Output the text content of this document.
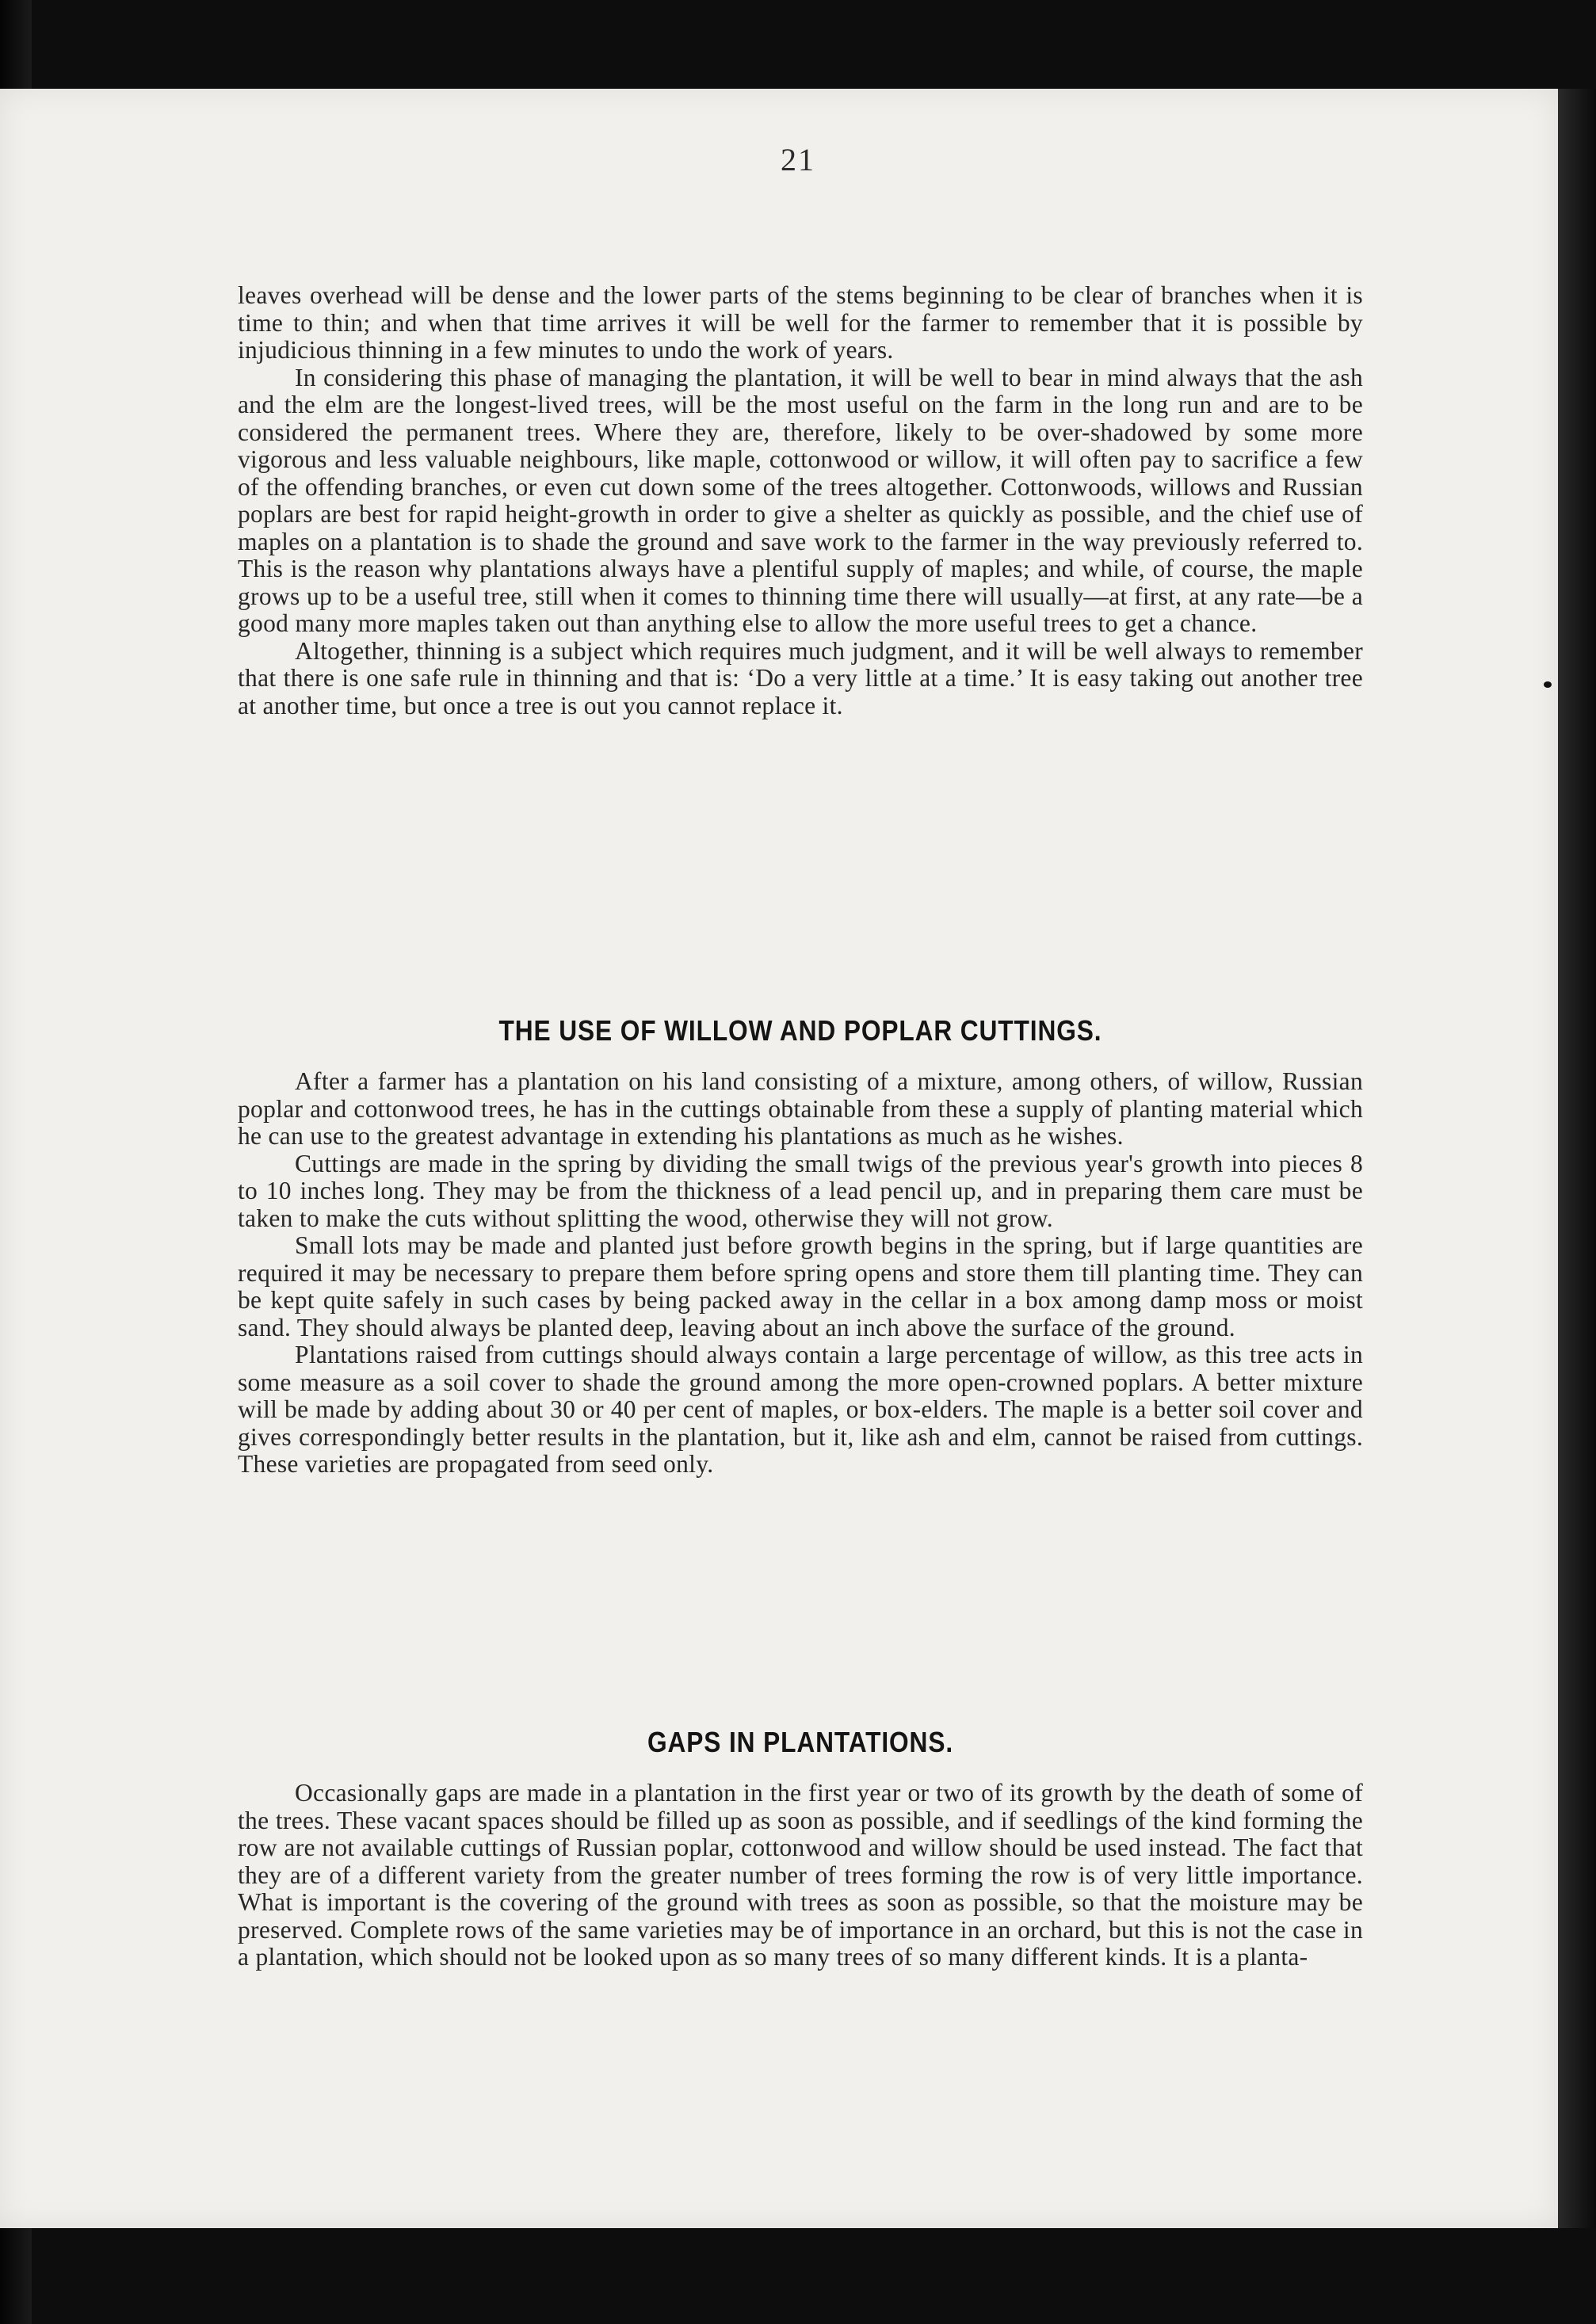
21

leaves overhead will be dense and the lower parts of the stems beginning to be clear of branches when it is time to thin; and when that time arrives it will be well for the farmer to remember that it is possible by injudicious thinning in a few minutes to undo the work of years.

In considering this phase of managing the plantation, it will be well to bear in mind always that the ash and the elm are the longest-lived trees, will be the most useful on the farm in the long run and are to be considered the permanent trees. Where they are, therefore, likely to be over-shadowed by some more vigorous and less valuable neighbours, like maple, cottonwood or willow, it will often pay to sacrifice a few of the offending branches, or even cut down some of the trees altogether. Cottonwoods, willows and Russian poplars are best for rapid height-growth in order to give a shelter as quickly as possible, and the chief use of maples on a plantation is to shade the ground and save work to the farmer in the way previously referred to. This is the reason why plantations always have a plentiful supply of maples; and while, of course, the maple grows up to be a useful tree, still when it comes to thinning time there will usually—at first, at any rate—be a good many more maples taken out than anything else to allow the more useful trees to get a chance.

Altogether, thinning is a subject which requires much judgment, and it will be well always to remember that there is one safe rule in thinning and that is: ‘Do a very little at a time.’ It is easy taking out another tree at another time, but once a tree is out you cannot replace it.

THE USE OF WILLOW AND POPLAR CUTTINGS.

After a farmer has a plantation on his land consisting of a mixture, among others, of willow, Russian poplar and cottonwood trees, he has in the cuttings obtainable from these a supply of planting material which he can use to the greatest advantage in extending his plantations as much as he wishes.

Cuttings are made in the spring by dividing the small twigs of the previous year's growth into pieces 8 to 10 inches long. They may be from the thickness of a lead pencil up, and in preparing them care must be taken to make the cuts without splitting the wood, otherwise they will not grow.

Small lots may be made and planted just before growth begins in the spring, but if large quantities are required it may be necessary to prepare them before spring opens and store them till planting time. They can be kept quite safely in such cases by being packed away in the cellar in a box among damp moss or moist sand. They should always be planted deep, leaving about an inch above the surface of the ground.

Plantations raised from cuttings should always contain a large percentage of willow, as this tree acts in some measure as a soil cover to shade the ground among the more open-crowned poplars. A better mixture will be made by adding about 30 or 40 per cent of maples, or box-elders. The maple is a better soil cover and gives correspondingly better results in the plantation, but it, like ash and elm, cannot be raised from cuttings. These varieties are propagated from seed only.

GAPS IN PLANTATIONS.

Occasionally gaps are made in a plantation in the first year or two of its growth by the death of some of the trees. These vacant spaces should be filled up as soon as possible, and if seedlings of the kind forming the row are not available cuttings of Russian poplar, cottonwood and willow should be used instead. The fact that they are of a different variety from the greater number of trees forming the row is of very little importance. What is important is the covering of the ground with trees as soon as possible, so that the moisture may be preserved. Complete rows of the same varieties may be of importance in an orchard, but this is not the case in a plantation, which should not be looked upon as so many trees of so many different kinds. It is a planta-
